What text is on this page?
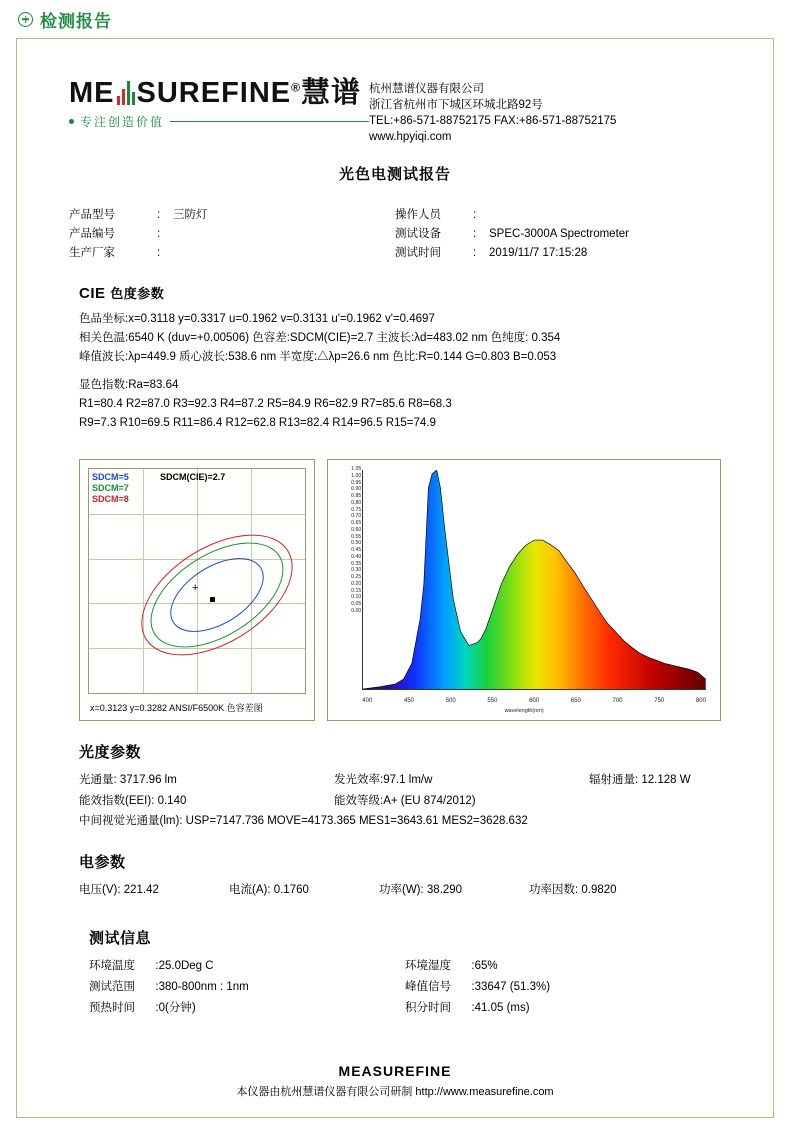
检测报告
ME SUREFINE®慧谱
专注创造价值
杭州慧谱仪器有限公司
浙江省杭州市下城区环城北路92号
TEL:+86-571-88752175 FAX:+86-571-88752175
www.hpyiqi.com
光色电测试报告
产品型号	:	三防灯
产品编号	:
生产厂家	:
操作人员	:
测试设备	:	SPEC-3000A Spectrometer
测试时间	:	2019/11/7 17:15:28
CIE 色度参数
色品坐标:x=0.3118 y=0.3317 u=0.1962 v=0.3131 u'=0.1962 v'=0.4697
相关色温:6540 K (duv=+0.00506) 色容差:SDCM(CIE)=2.7 主波长:λd=483.02 nm 色纯度: 0.354
峰值波长:λp=449.9 质心波长:538.6 nm 半宽度:△λp=26.6 nm 色比:R=0.144 G=0.803 B=0.053
显色指数:Ra=83.64
R1=80.4 R2=87.0 R3=92.3 R4=87.2 R5=84.9 R6=82.9 R7=85.6 R8=68.3
R9=7.3 R10=69.5 R11=86.4 R12=62.8 R13=82.4 R14=96.5 R15=74.9
+
SDCM=5
SDCM=7
SDCM=8
SDCM(CIE)=2.7
x=0.3123 y=0.3282 ANSI/F6500K 色容差图
1.05
1.00
0.95
0.90
0.85
0.80
0.75
0.70
0.65
0.60
0.55
0.50
0.45
0.40
0.35
0.30
0.25
0.20
0.15
0.10
0.05
0.00
400	450	500	550	600	650	700	750	800
wavelength(nm)
光度参数
光通量: 3717.96 lm	发光效率:97.1 lm/w	辐射通量: 12.128 W
能效指数(EEI): 0.140	能效等级:A+ (EU 874/2012)
中间视觉光通量(lm): USP=7147.736 MOVE=4173.365 MES1=3643.61 MES2=3628.632
电参数
电压(V): 221.42	电流(A): 0.1760	功率(W): 38.290	功率因数: 0.9820
测试信息
环境温度 :25.0Deg C	环境湿度 :65%
测试范围 :380-800nm : 1nm	峰值信号 :33647 (51.3%)
预热时间 :0(分钟)	积分时间 :41.05 (ms)
MEASUREFINE
本仪器由杭州慧谱仪器有限公司研制 http://www.measurefine.com
